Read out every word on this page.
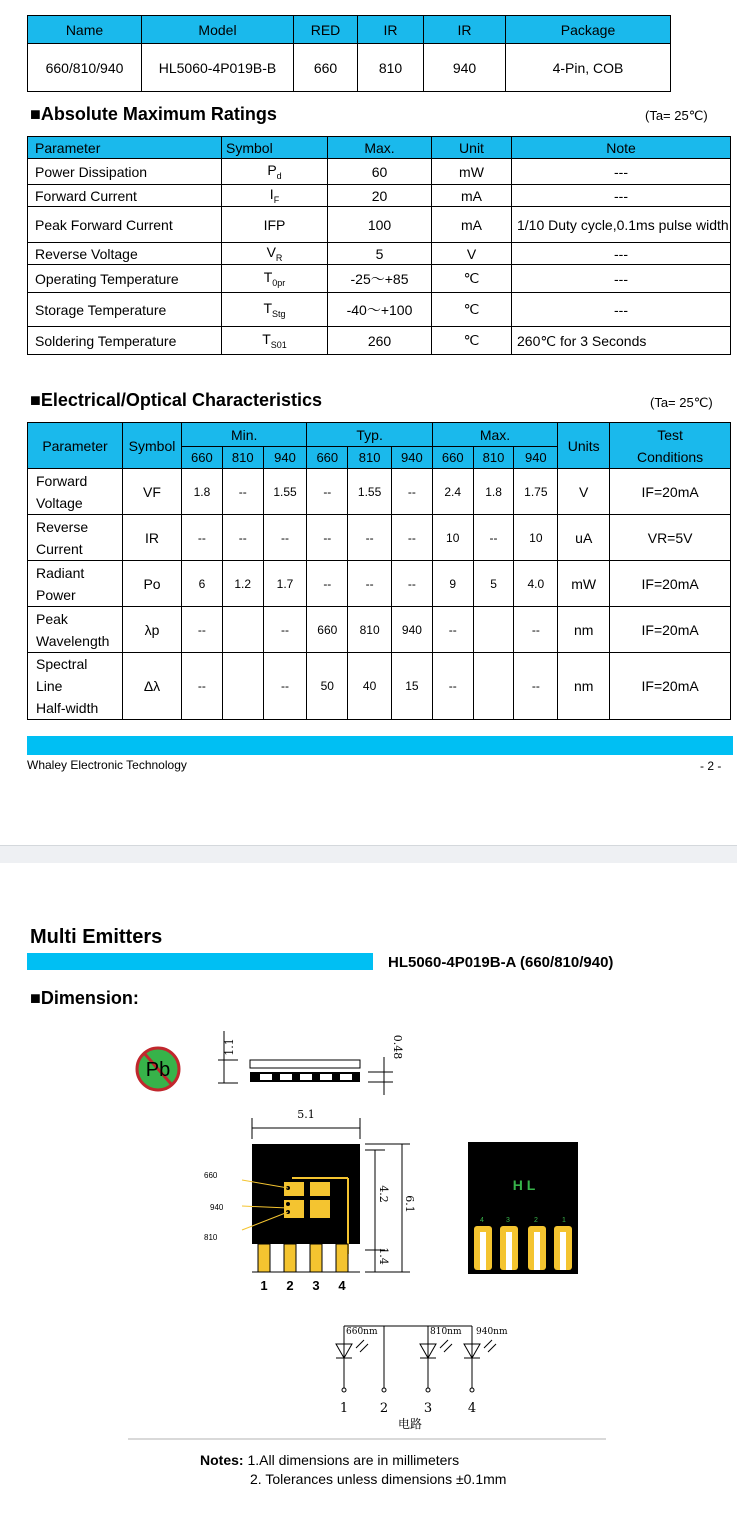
Name	Model	RED	IR	IR	Package
660/810/940	HL5060-4P019B-B	660	810	940	4-Pin, COB
■Absolute Maximum Ratings	(Ta= 25℃)
Parameter	Symbol	Max.	Unit	Note
Power Dissipation	$P_d$	60	mW	---
Forward Current	$I_F$	20	mA	---
Peak Forward Current	IFP	100	mA	1/10 Duty cycle,0.1ms pulse width
Reverse Voltage	$V_R$	5	V	---
Operating Temperature	$T_{0pr}$	-25～+85	℃	---
Storage Temperature	$T_{Stg}$	-40～+100	℃	---
Soldering Temperature	$T_{S01}$	260	℃	260℃ for 3 Seconds
■Electrical/Optical Characteristics	(Ta= 25℃)
Parameter	Symbol	Min.			Typ.			Max.			Units	Test
Conditions
		660	810	940	660	810	940	660	810	940		
Forward
Voltage	VF	1.8	--	1.55	--	1.55	--	2.4	1.8	1.75	V	IF=20mA
Reverse
Current	IR	--	--	--	--	--	--	10	--	10	uA	VR=5V
Radiant
Power	Po	6	1.2	1.7	--	--	--	9	5	4.0	mW	IF=20mA
Peak
Wavelength	λp	--		--	660	810	940	--		--	nm	IF=20mA
Spectral
Line
Half-width	Δλ	--		--	50	40	15	--		--	nm	IF=20mA
Whaley Electronic Technology	- 2 -
Multi Emitters
HL5060-4P019B-A (660/810/940)
■Dimension:
Pb
1.1	0.48
5.1
660
940
810
4.2
6.1
1.4
1 2 3 4
H L
4	3	2	1
660nm	810nm 940nm
1 2	3	4
电路
Notes: 1.All dimensions are in millimeters
2. Tolerances unless dimensions ±0.1mm
